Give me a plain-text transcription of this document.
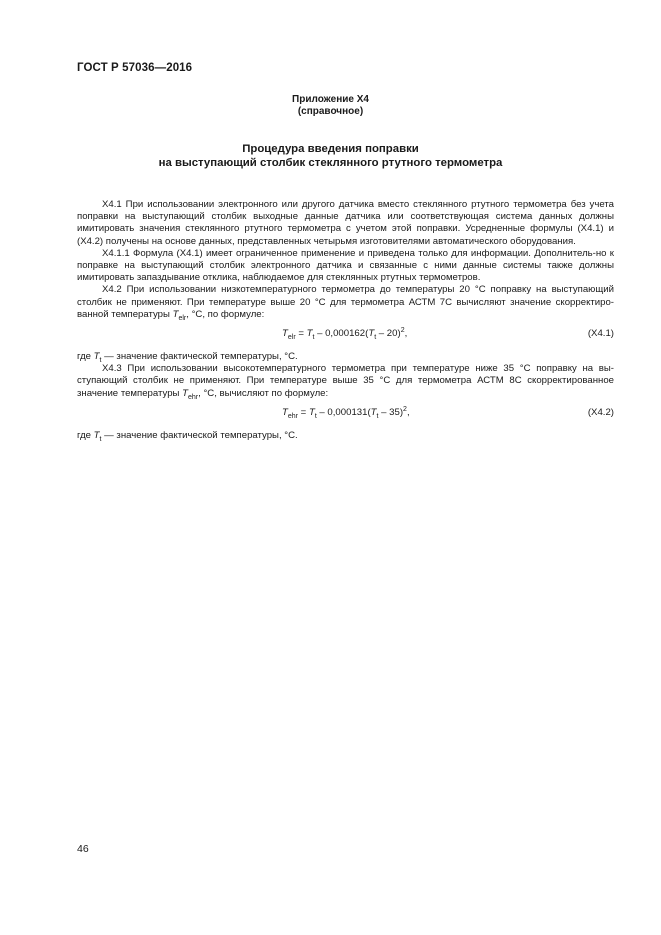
ГОСТ Р 57036—2016
Приложение Х4
(справочное)
Процедура введения поправки
на выступающий столбик стеклянного ртутного термометра

Х4.1 При использовании электронного или другого датчика вместо стеклянного ртутного термометра без учета поправки на выступающий столбик выходные данные датчика или соответствующая система данных должны имитировать значения стеклянного ртутного термометра с учетом этой поправки. Усредненные формулы (Х4.1) и (Х4.2) получены на основе данных, представленных четырьмя изготовителями автоматического оборудования.

Х4.1.1 Формула (Х4.1) имеет ограниченное применение и приведена только для информации. Дополнитель-но к поправке на выступающий столбик электронного датчика и связанные с ними данные системы также должны имитировать запаздывание отклика, наблюдаемое для стеклянных ртутных термометров.

Х4.2 При использовании низкотемпературного термометра до температуры 20 °С поправку на выступающий столбик не применяют. При температуре выше 20 °С для термометра АСТМ 7С вычисляют значение скорректиро-ванной температуры $T_{elr}$, °С, по формуле:

$T_{elr} = T_t - 0,000162(T_t - 20)^2$,	(Х4.1)

где $T_t$ — значение фактической температуры, °С.

Х4.3 При использовании высокотемпературного термометра при температуре ниже 35 °С поправку на вы-ступающий столбик не применяют. При температуре выше 35 °С для термометра АСТМ 8С скорректированное значение температуры $T_{ehr}$, °С, вычисляют по формуле:

$T_{ehr} = T_t - 0,000131(T_t - 35)^2$,	(Х4.2)

где $T_t$ — значение фактической температуры, °С.

46
